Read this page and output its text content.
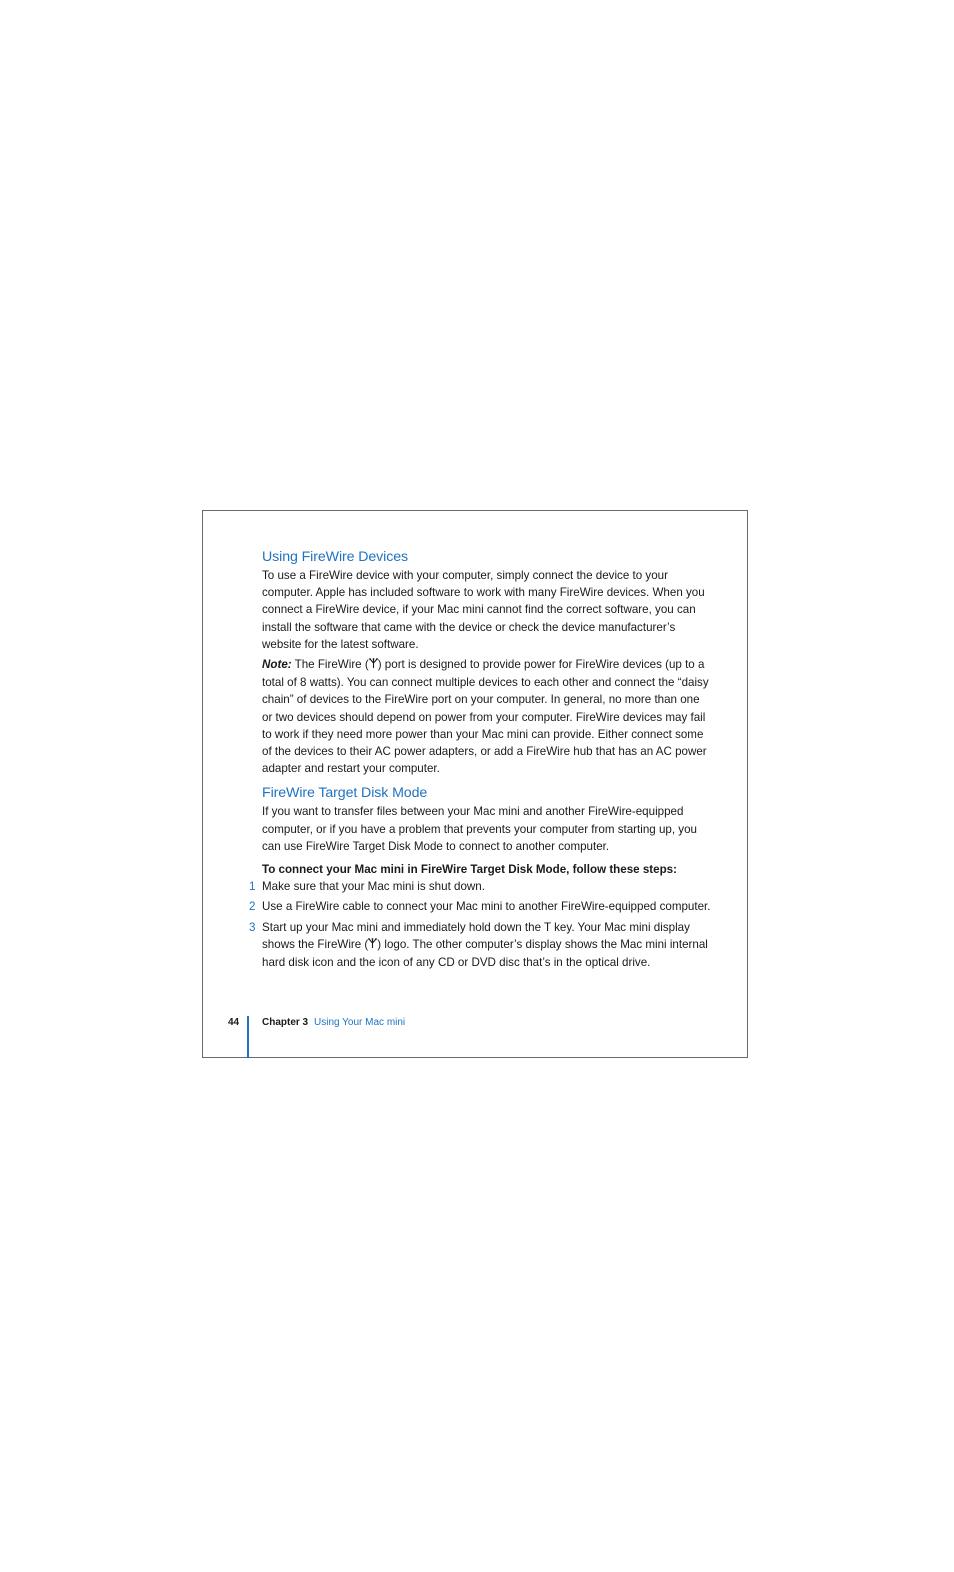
Using FireWire Devices

To use a FireWire device with your computer, simply connect the device to your computer. Apple has included software to work with many FireWire devices. When you connect a FireWire device, if your Mac mini cannot find the correct software, you can install the software that came with the device or check the device manufacturer’s website for the latest software.

Note: The FireWire ( ) port is designed to provide power for FireWire devices (up to a total of 8 watts). You can connect multiple devices to each other and connect the “daisy chain” of devices to the FireWire port on your computer. In general, no more than one or two devices should depend on power from your computer. FireWire devices may fail to work if they need more power than your Mac mini can provide. Either connect some of the devices to their AC power adapters, or add a FireWire hub that has an AC power adapter and restart your computer.

FireWire Target Disk Mode

If you want to transfer files between your Mac mini and another FireWire-equipped computer, or if you have a problem that prevents your computer from starting up, you can use FireWire Target Disk Mode to connect to another computer.

To connect your Mac mini in FireWire Target Disk Mode, follow these steps:

1 Make sure that your Mac mini is shut down.
2 Use a FireWire cable to connect your Mac mini to another FireWire-equipped computer.
3 Start up your Mac mini and immediately hold down the T key. Your Mac mini display shows the FireWire ( ) logo. The other computer’s display shows the Mac mini internal hard disk icon and the icon of any CD or DVD disc that’s in the optical drive.
44 Chapter 3 Using Your Mac mini
